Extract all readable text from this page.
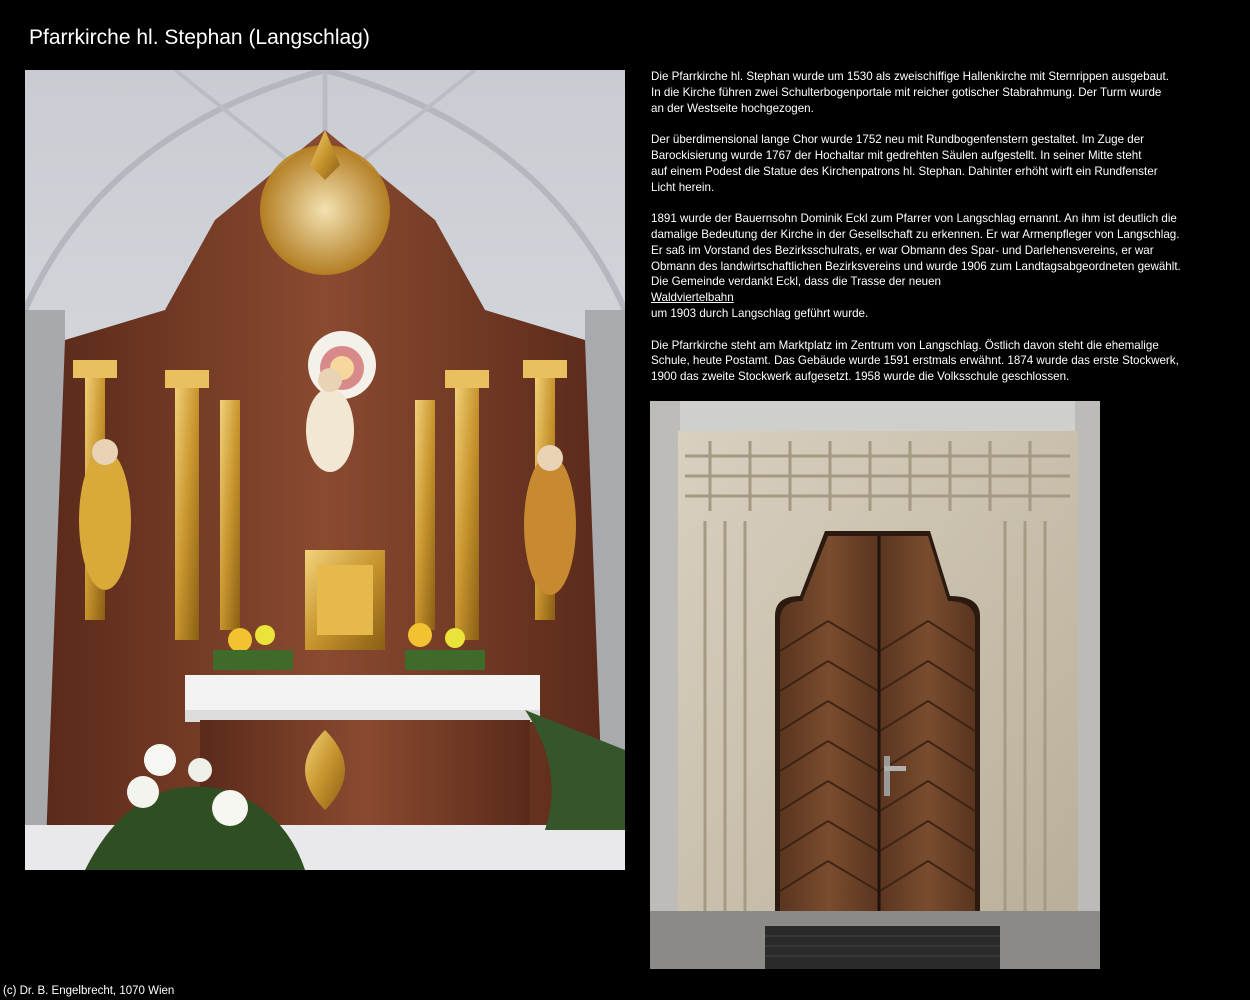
Pfarrkirche hl. Stephan (Langschlag)

Die Pfarrkirche hl. Stephan wurde um 1530 als zweischiffige Hallenkirche mit Sternrippen ausgebaut.
In die Kirche führen zwei Schulterbogenportale mit reicher gotischer Stabrahmung. Der Turm wurde
an der Westseite hochgezogen.

Der überdimensional lange Chor wurde 1752 neu mit Rundbogenfenstern gestaltet. Im Zuge der
Barockisierung wurde 1767 der Hochaltar mit gedrehten Säulen aufgestellt. In seiner Mitte steht
auf einem Podest die Statue des Kirchenpatrons hl. Stephan. Dahinter erhöht wirft ein Rundfenster
Licht herein.

1891 wurde der Bauernsohn Dominik Eckl zum Pfarrer von Langschlag ernannt. An ihm ist deutlich die
damalige Bedeutung der Kirche in der Gesellschaft zu erkennen. Er war Armenpfleger von Langschlag.
Er saß im Vorstand des Bezirksschulrats, er war Obmann des Spar- und Darlehensvereins, er war
Obmann des landwirtschaftlichen Bezirksvereins und wurde 1906 zum Landtagsabgeordneten gewählt.
Die Gemeinde verdankt Eckl, dass die Trasse der neuen
Waldviertelbahn
um 1903 durch Langschlag geführt wurde.

Die Pfarrkirche steht am Marktplatz im Zentrum von Langschlag. Östlich davon steht die ehemalige
Schule, heute Postamt. Das Gebäude wurde 1591 erstmals erwähnt. 1874 wurde das erste Stockwerk,
1900 das zweite Stockwerk aufgesetzt. 1958 wurde die Volksschule geschlossen.

(c) Dr. B. Engelbrecht, 1070 Wien
